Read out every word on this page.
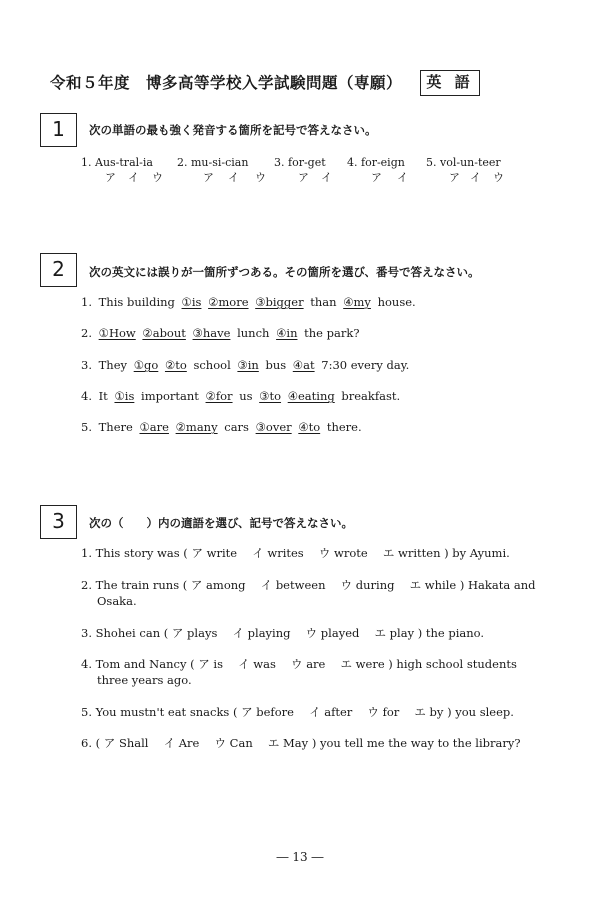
令和５年度　博多高等学校入学試験問題（専願）	英 語
1	次の単語の最も強く発音する箇所を記号で答えなさい。
1. Aus-tral-ia
ア イ ウ
2. mu-si-cian
ア イ ウ
3. for-get
ア イ
4. for-eign
ア イ
5. vol-un-teer
ア イ ウ
2	次の英文には誤りが一箇所ずつある。その箇所を選び、番号で答えなさい。
1. This building ①is ②more ③bigger than ④my house.
2. ①How ②about ③have lunch ④in the park?
3. They ①go ②to school ③in bus ④at 7:30 every day.
4. It ①is important ②for us ③to ④eating breakfast.
5. There ①are ②many cars ③over ④to there.
3	次の（　　）内の適語を選び、記号で答えなさい。
1. This story was ( ア write　 イ writes　 ウ wrote　 エ written ) by Ayumi.
2. The train runs ( ア among　 イ between　 ウ during　 エ while ) Hakata and Osaka.
3. Shohei can ( ア plays　 イ playing　 ウ played　 エ play ) the piano.
4. Tom and Nancy ( ア is　 イ was　 ウ are　 エ were ) high school students three years ago.
5. You mustn't eat snacks ( ア before　 イ after　 ウ for　 エ by ) you sleep.
6. ( ア Shall　 イ Are　 ウ Can　 エ May ) you tell me the way to the library?
― 13 ―
